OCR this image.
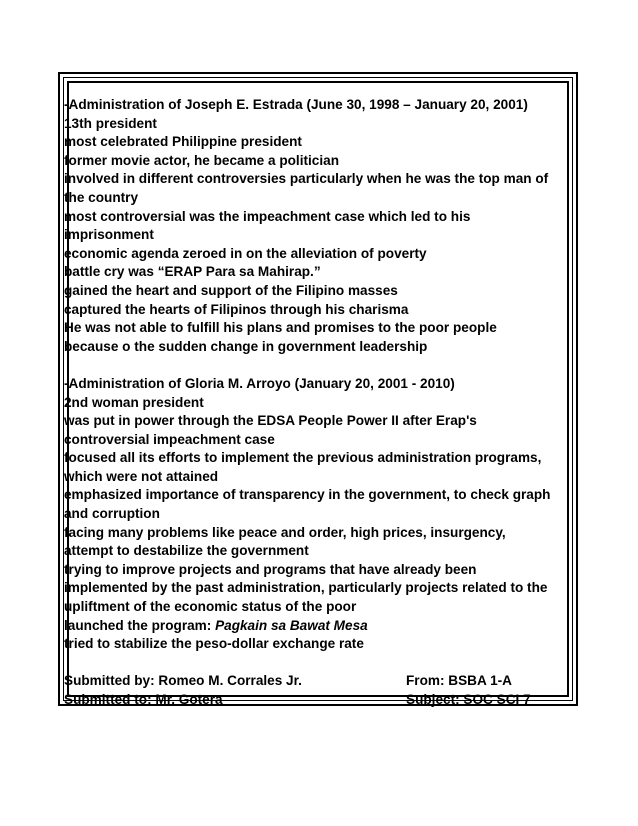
-Administration of Joseph E. Estrada (June 30, 1998 – January 20, 2001)
13th president
most celebrated Philippine president
former movie actor, he became a politician
involved in different controversies particularly when he was the top man of
the country
most controversial was the impeachment case which led to his
imprisonment
economic agenda zeroed in on the alleviation of poverty
battle cry was “ERAP Para sa Mahirap.”
gained the heart and support of the Filipino masses
captured the hearts of Filipinos through his charisma
He was not able to fulfill his plans and promises to the poor people
because o the sudden change in government leadership
-Administration of Gloria M. Arroyo (January 20, 2001 - 2010)
2nd woman president
was put in power through the EDSA People Power II after Erap's
controversial impeachment case
focused all its efforts to implement the previous administration programs,
which were not attained
emphasized importance of transparency in the government, to check graph
and corruption
facing many problems like peace and order, high prices, insurgency,
attempt to destabilize the government
trying to improve projects and programs that have already been
implemented by the past administration, particularly projects related to the
upliftment of the economic status of the poor
launched the program: Pagkain sa Bawat Mesa
tried to stabilize the peso-dollar exchange rate
Submitted by: Romeo M. Corrales Jr.	From: BSBA 1-A
Submitted to: Mr. Gotera	Subject: SOC SCI 7
